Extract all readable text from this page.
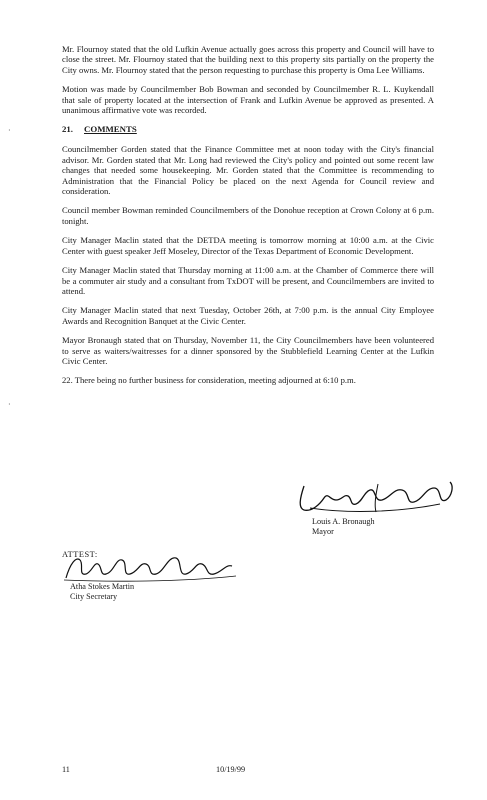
Mr. Flournoy stated that the old Lufkin Avenue actually goes across this property and Council will have to close the street. Mr. Flournoy stated that the building next to this property sits partially on the property the City owns. Mr. Flournoy stated that the person requesting to purchase this property is Oma Lee Williams.

Motion was made by Councilmember Bob Bowman and seconded by Councilmember R. L. Kuykendall that sale of property located at the intersection of Frank and Lufkin Avenue be approved as presented. A unanimous affirmative vote was recorded.

21. COMMENTS

Councilmember Gorden stated that the Finance Committee met at noon today with the City's financial advisor. Mr. Gorden stated that Mr. Long had reviewed the City's policy and pointed out some recent law changes that needed some housekeeping. Mr. Gorden stated that the Committee is recommending to Administration that the Financial Policy be placed on the next Agenda for Council review and consideration.

Council member Bowman reminded Councilmembers of the Donohue reception at Crown Colony at 6 p.m. tonight.

City Manager Maclin stated that the DETDA meeting is tomorrow morning at 10:00 a.m. at the Civic Center with guest speaker Jeff Moseley, Director of the Texas Department of Economic Development.

City Manager Maclin stated that Thursday morning at 11:00 a.m. at the Chamber of Commerce there will be a commuter air study and a consultant from TxDOT will be present, and Councilmembers are invited to attend.

City Manager Maclin stated that next Tuesday, October 26th, at 7:00 p.m. is the annual City Employee Awards and Recognition Banquet at the Civic Center.

Mayor Bronaugh stated that on Thursday, November 11, the City Councilmembers have been volunteered to serve as waiters/waitresses for a dinner sponsored by the Stubblefield Learning Center at the Lufkin Civic Center.

22. There being no further business for consideration, meeting adjourned at 6:10 p.m.

Louis A. Bronaugh
Mayor
ATTEST:
Atha Stokes Martin
City Secretary
11	10/19/99
·
·
